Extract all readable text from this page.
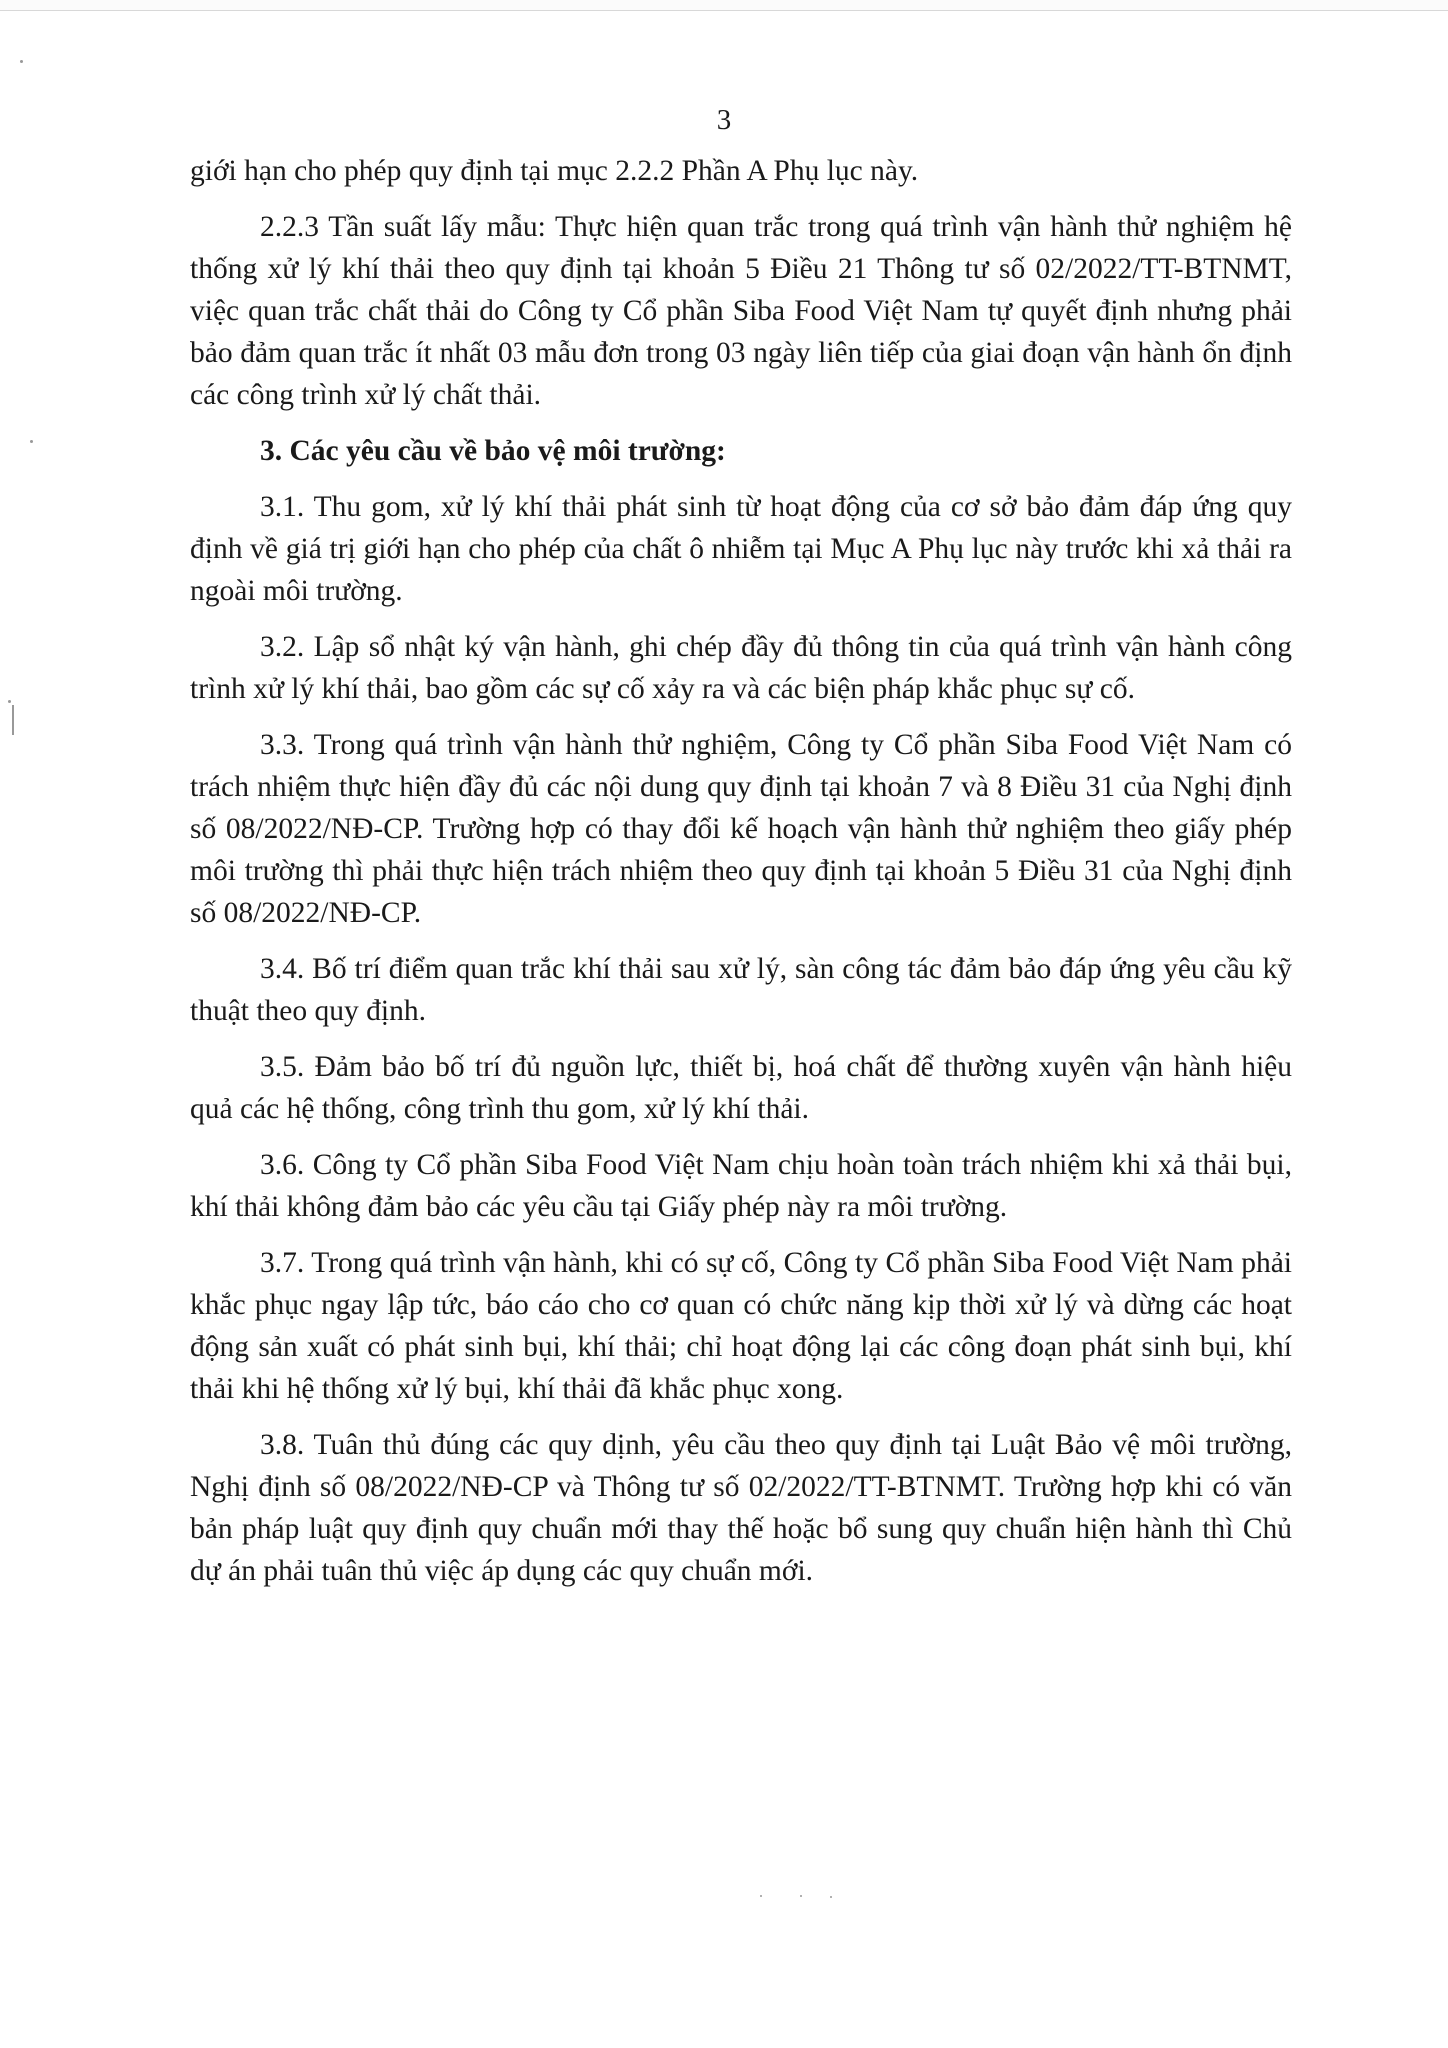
3

giới hạn cho phép quy định tại mục 2.2.2 Phần A Phụ lục này.

2.2.3 Tần suất lấy mẫu: Thực hiện quan trắc trong quá trình vận hành thử nghiệm hệ thống xử lý khí thải theo quy định tại khoản 5 Điều 21 Thông tư số 02/2022/TT-BTNMT, việc quan trắc chất thải do Công ty Cổ phần Siba Food Việt Nam tự quyết định nhưng phải bảo đảm quan trắc ít nhất 03 mẫu đơn trong 03 ngày liên tiếp của giai đoạn vận hành ổn định các công trình xử lý chất thải.

3. Các yêu cầu về bảo vệ môi trường:

3.1. Thu gom, xử lý khí thải phát sinh từ hoạt động của cơ sở bảo đảm đáp ứng quy định về giá trị giới hạn cho phép của chất ô nhiễm tại Mục A Phụ lục này trước khi xả thải ra ngoài môi trường.

3.2. Lập sổ nhật ký vận hành, ghi chép đầy đủ thông tin của quá trình vận hành công trình xử lý khí thải, bao gồm các sự cố xảy ra và các biện pháp khắc phục sự cố.

3.3. Trong quá trình vận hành thử nghiệm, Công ty Cổ phần Siba Food Việt Nam có trách nhiệm thực hiện đầy đủ các nội dung quy định tại khoản 7 và 8 Điều 31 của Nghị định số 08/2022/NĐ-CP. Trường hợp có thay đổi kế hoạch vận hành thử nghiệm theo giấy phép môi trường thì phải thực hiện trách nhiệm theo quy định tại khoản 5 Điều 31 của Nghị định số 08/2022/NĐ-CP.

3.4. Bố trí điểm quan trắc khí thải sau xử lý, sàn công tác đảm bảo đáp ứng yêu cầu kỹ thuật theo quy định.

3.5. Đảm bảo bố trí đủ nguồn lực, thiết bị, hoá chất để thường xuyên vận hành hiệu quả các hệ thống, công trình thu gom, xử lý khí thải.

3.6. Công ty Cổ phần Siba Food Việt Nam chịu hoàn toàn trách nhiệm khi xả thải bụi, khí thải không đảm bảo các yêu cầu tại Giấy phép này ra môi trường.

3.7. Trong quá trình vận hành, khi có sự cố, Công ty Cổ phần Siba Food Việt Nam phải khắc phục ngay lập tức, báo cáo cho cơ quan có chức năng kịp thời xử lý và dừng các hoạt động sản xuất có phát sinh bụi, khí thải; chỉ hoạt động lại các công đoạn phát sinh bụi, khí thải khi hệ thống xử lý bụi, khí thải đã khắc phục xong.

3.8. Tuân thủ đúng các quy dịnh, yêu cầu theo quy định tại Luật Bảo vệ môi trường, Nghị định số 08/2022/NĐ-CP và Thông tư số 02/2022/TT-BTNMT. Trường hợp khi có văn bản pháp luật quy định quy chuẩn mới thay thế hoặc bổ sung quy chuẩn hiện hành thì Chủ dự án phải tuân thủ việc áp dụng các quy chuẩn mới.
